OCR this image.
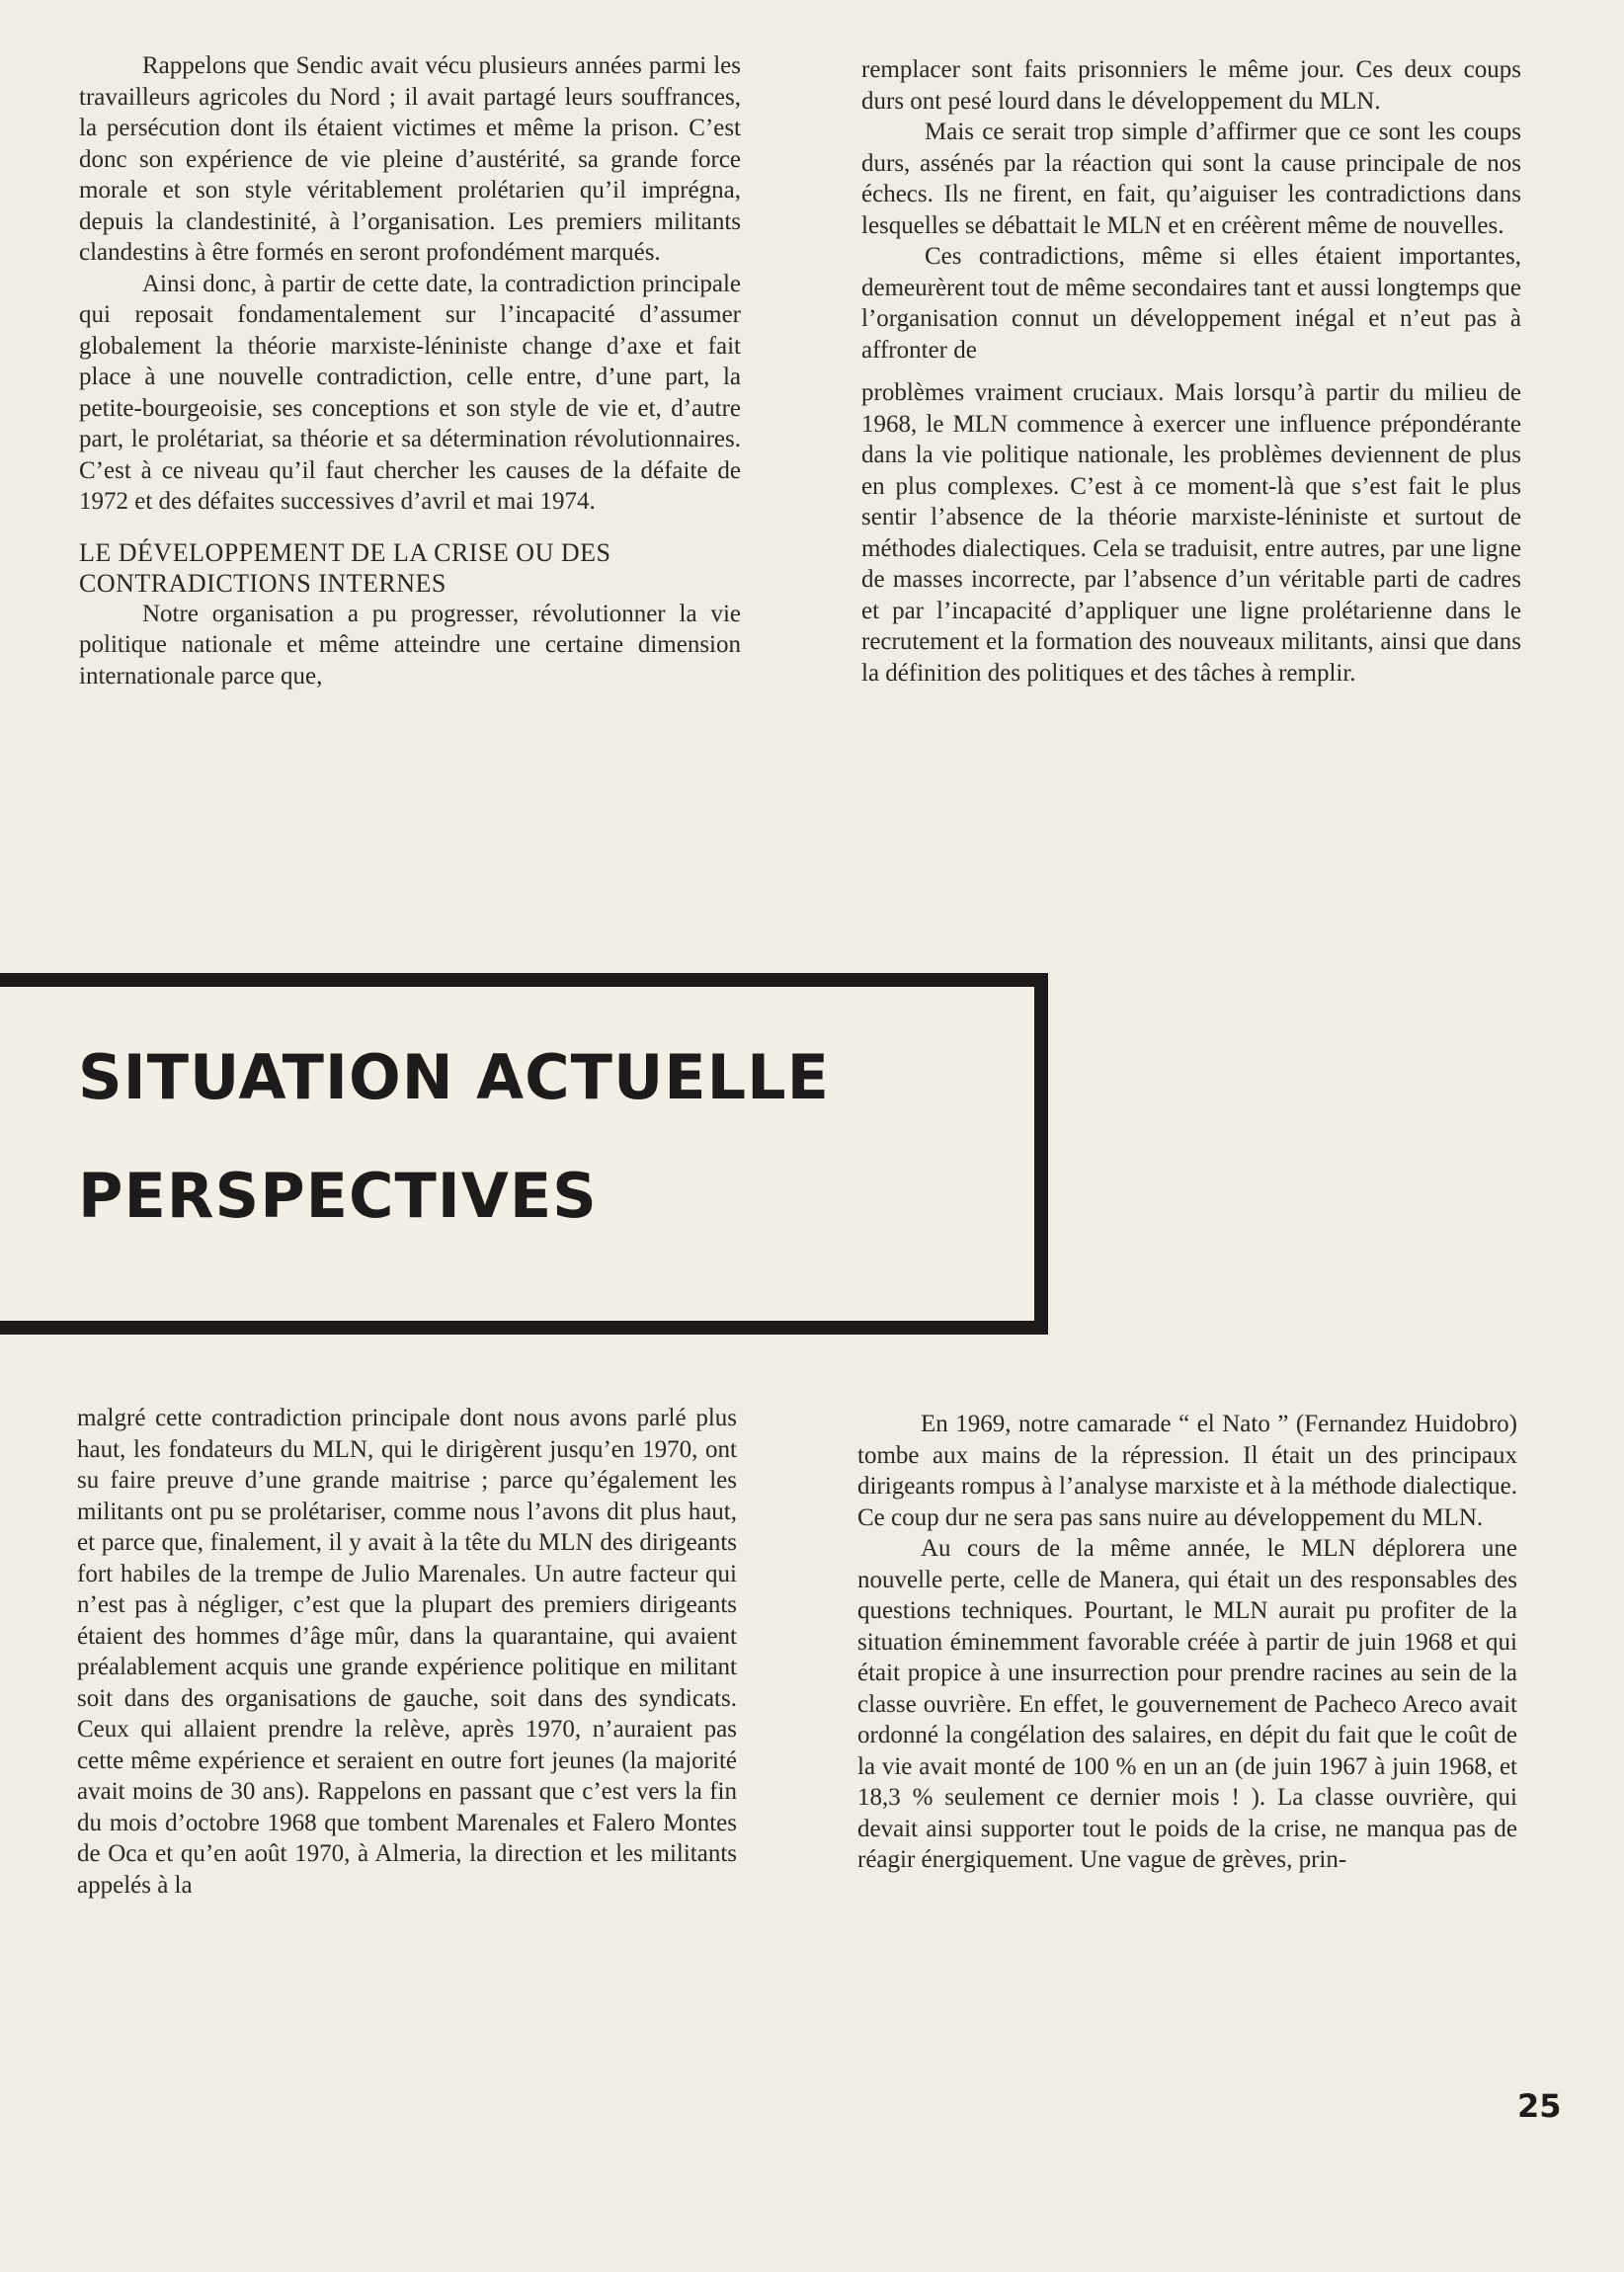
Rappelons que Sendic avait vécu plusieurs années parmi les travailleurs agricoles du Nord ; il avait partagé leurs souffrances, la persécution dont ils étaient victimes et même la prison. C’est donc son expérience de vie pleine d’austérité, sa grande force morale et son style véritablement prolétarien qu’il imprégna, depuis la clandestinité, à l’organisation. Les premiers militants clandestins à être formés en seront profondément marqués.

Ainsi donc, à partir de cette date, la contradiction principale qui reposait fondamentalement sur l’incapacité d’assumer globalement la théorie marxiste-léniniste change d’axe et fait place à une nouvelle contradiction, celle entre, d’une part, la petite-bourgeoisie, ses conceptions et son style de vie et, d’autre part, le prolétariat, sa théorie et sa détermination révolutionnaires. C’est à ce niveau qu’il faut chercher les causes de la défaite de 1972 et des défaites successives d’avril et mai 1974.

LE DÉVELOPPEMENT DE LA CRISE OU DES CONTRADICTIONS INTERNES

Notre organisation a pu progresser, révolutionner la vie politique nationale et même atteindre une certaine dimension internationale parce que,

remplacer sont faits prisonniers le même jour. Ces deux coups durs ont pesé lourd dans le développement du MLN.

Mais ce serait trop simple d’affirmer que ce sont les coups durs, assénés par la réaction qui sont la cause principale de nos échecs. Ils ne firent, en fait, qu’aiguiser les contradictions dans lesquelles se débattait le MLN et en créèrent même de nouvelles.

Ces contradictions, même si elles étaient importantes, demeurèrent tout de même secondaires tant et aussi longtemps que l’organisation connut un développement inégal et n’eut pas à affronter de

problèmes vraiment cruciaux. Mais lorsqu’à partir du milieu de 1968, le MLN commence à exercer une influence prépondérante dans la vie politique nationale, les problèmes deviennent de plus en plus complexes. C’est à ce moment-là que s’est fait le plus sentir l’absence de la théorie marxiste-léniniste et surtout de méthodes dialectiques. Cela se traduisit, entre autres, par une ligne de masses incorrecte, par l’absence d’un véritable parti de cadres et par l’incapacité d’appliquer une ligne prolétarienne dans le recrutement et la formation des nouveaux militants, ainsi que dans la définition des politiques et des tâches à remplir.

SITUATION ACTUELLE
PERSPECTIVES

malgré cette contradiction principale dont nous avons parlé plus haut, les fondateurs du MLN, qui le dirigèrent jusqu’en 1970, ont su faire preuve d’une grande maitrise ; parce qu’également les militants ont pu se prolétariser, comme nous l’avons dit plus haut, et parce que, finalement, il y avait à la tête du MLN des dirigeants fort habiles de la trempe de Julio Marenales. Un autre facteur qui n’est pas à négliger, c’est que la plupart des premiers dirigeants étaient des hommes d’âge mûr, dans la quarantaine, qui avaient préalablement acquis une grande expérience politique en militant soit dans des organisations de gauche, soit dans des syndicats. Ceux qui allaient prendre la relève, après 1970, n’auraient pas cette même expérience et seraient en outre fort jeunes (la majorité avait moins de 30 ans). Rappelons en passant que c’est vers la fin du mois d’octobre 1968 que tombent Marenales et Falero Montes de Oca et qu’en août 1970, à Almeria, la direction et les militants appelés à la

En 1969, notre camarade “ el Nato ” (Fernandez Huidobro) tombe aux mains de la répression. Il était un des principaux dirigeants rompus à l’analyse marxiste et à la méthode dialectique. Ce coup dur ne sera pas sans nuire au développement du MLN.

Au cours de la même année, le MLN déplorera une nouvelle perte, celle de Manera, qui était un des responsables des questions techniques. Pourtant, le MLN aurait pu profiter de la situation éminemment favorable créée à partir de juin 1968 et qui était propice à une insurrection pour prendre racines au sein de la classe ouvrière. En effet, le gouvernement de Pacheco Areco avait ordonné la congélation des salaires, en dépit du fait que le coût de la vie avait monté de 100 % en un an (de juin 1967 à juin 1968, et 18,3 % seulement ce dernier mois ! ). La classe ouvrière, qui devait ainsi supporter tout le poids de la crise, ne manqua pas de réagir énergiquement. Une vague de grèves, prin-

25
